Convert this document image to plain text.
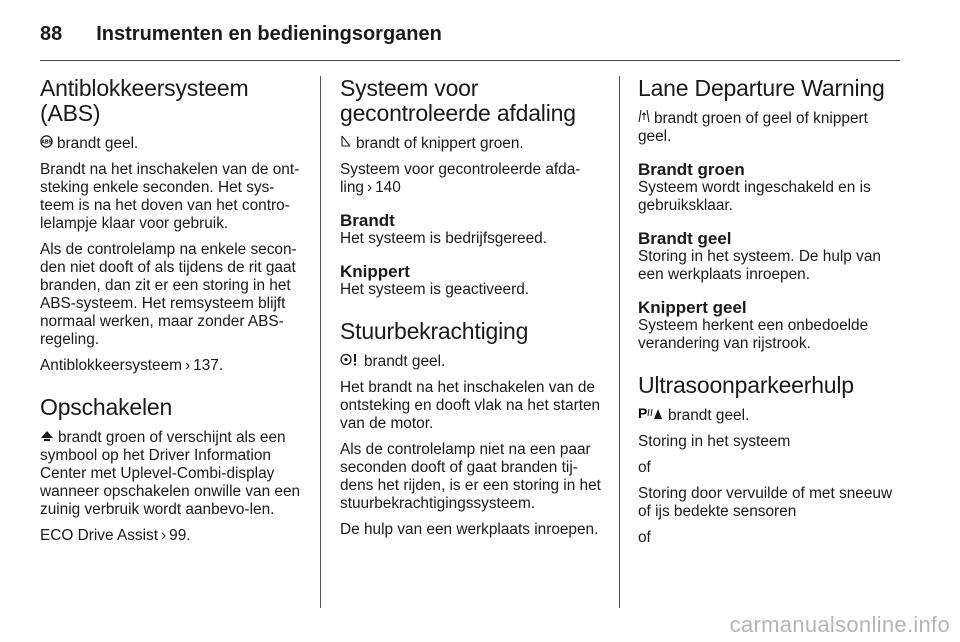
88 Instrumenten en bedieningsorganen
Antiblokkeersysteem
(ABS)

ABS brandt geel.

Brandt na het inschakelen van de ont-steking enkele seconden. Het sys-teem is na het doven van het contro-lelampje klaar voor gebruik.

Als de controlelamp na enkele secon-den niet dooft of als tijdens de rit gaat branden, dan zit er een storing in het ABS-systeem. Het remsysteem blijft normaal werken, maar zonder ABS-regeling.

Antiblokkeersysteem › 137.

Opschakelen

brandt groen of verschijnt als een symbool op het Driver Information Center met Uplevel-Combi-display wanneer opschakelen onwille van een zuinig verbruik wordt aanbevo-len.

ECO Drive Assist › 99.

Systeem voor
gecontroleerde afdaling

brandt of knippert groen.

Systeem voor gecontroleerde afda-ling › 140

Brandt

Het systeem is bedrijfsgereed.

Knippert

Het systeem is geactiveerd.

Stuurbekrachtiging

brandt geel.

Het brandt na het inschakelen van de ontsteking en dooft vlak na het starten van de motor.

Als de controlelamp niet na een paar seconden dooft of gaat branden tij-dens het rijden, is er een storing in het stuurbekrachtigingssysteem.

De hulp van een werkplaats inroepen.

Lane Departure Warning

brandt groen of geel of knippert geel.

Brandt groen

Systeem wordt ingeschakeld en is gebruiksklaar.

Brandt geel

Storing in het systeem. De hulp van een werkplaats inroepen.

Knippert geel

Systeem herkent een onbedoelde verandering van rijstrook.

Ultrasoonparkeerhulp

P brandt geel.

Storing in het systeem

of

Storing door vervuilde of met sneeuw of ijs bedekte sensoren

of

carmanualsonline.info
